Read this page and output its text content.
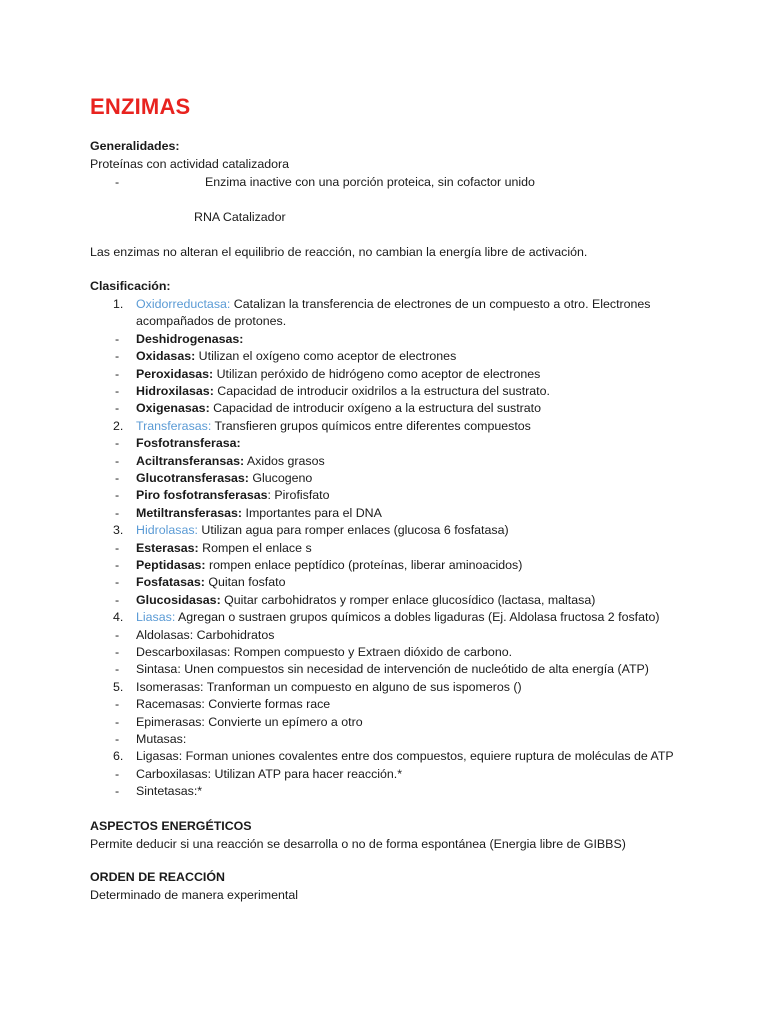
ENZIMAS
Generalidades:
Proteínas con actividad catalizadora
-	Enzima inactive con una porción proteica, sin cofactor unido
RNA Catalizador
Las enzimas no alteran el equilibrio de reacción, no cambian la energía libre de activación.
Clasificación:
1.	Oxidorreductasa: Catalizan la transferencia de electrones de un compuesto a otro. Electrones
acompañados de protones.
-	Deshidrogenasas:
-	Oxidasas: Utilizan el oxígeno como aceptor de electrones
-	Peroxidasas: Utilizan peróxido de hidrógeno como aceptor de electrones
-	Hidroxilasas: Capacidad de introducir oxidrilos a la estructura del sustrato.
-	Oxigenasas: Capacidad de introducir oxígeno a la estructura del sustrato
2.	Transferasas: Transfieren grupos químicos entre diferentes compuestos
-	Fosfotransferasa:
-	Aciltransferansas: Axidos grasos
-	Glucotransferasas: Glucogeno
-	Piro fosfotransferasas: Pirofisfato
-	Metiltransferasas: Importantes para el DNA
3.	Hidrolasas: Utilizan agua para romper enlaces (glucosa 6 fosfatasa)
-	Esterasas: Rompen el enlace s
-	Peptidasas: rompen enlace peptídico (proteínas, liberar aminoacidos)
-	Fosfatasas: Quitan fosfato
-	Glucosidasas: Quitar carbohidratos y romper enlace glucosídico (lactasa, maltasa)
4.	Liasas: Agregan o sustraen grupos químicos a dobles ligaduras (Ej. Aldolasa fructosa 2 fosfato)
-	Aldolasas: Carbohidratos
-	Descarboxilasas: Rompen compuesto y Extraen dióxido de carbono.
-	Sintasa: Unen compuestos sin necesidad de intervención de nucleótido de alta energía (ATP)
5.	Isomerasas: Tranforman un compuesto en alguno de sus ispomeros ()
-	Racemasas: Convierte formas race
-	Epimerasas: Convierte un epímero a otro
-	Mutasas:
6.	Ligasas: Forman uniones covalentes entre dos compuestos, equiere ruptura de moléculas de ATP
-	Carboxilasas: Utilizan ATP para hacer reacción.*
-	Sintetasas:*
ASPECTOS ENERGÉTICOS
Permite deducir si una reacción se desarrolla o no de forma espontánea (Energia libre de GIBBS)
ORDEN DE REACCIÓN
Determinado de manera experimental
